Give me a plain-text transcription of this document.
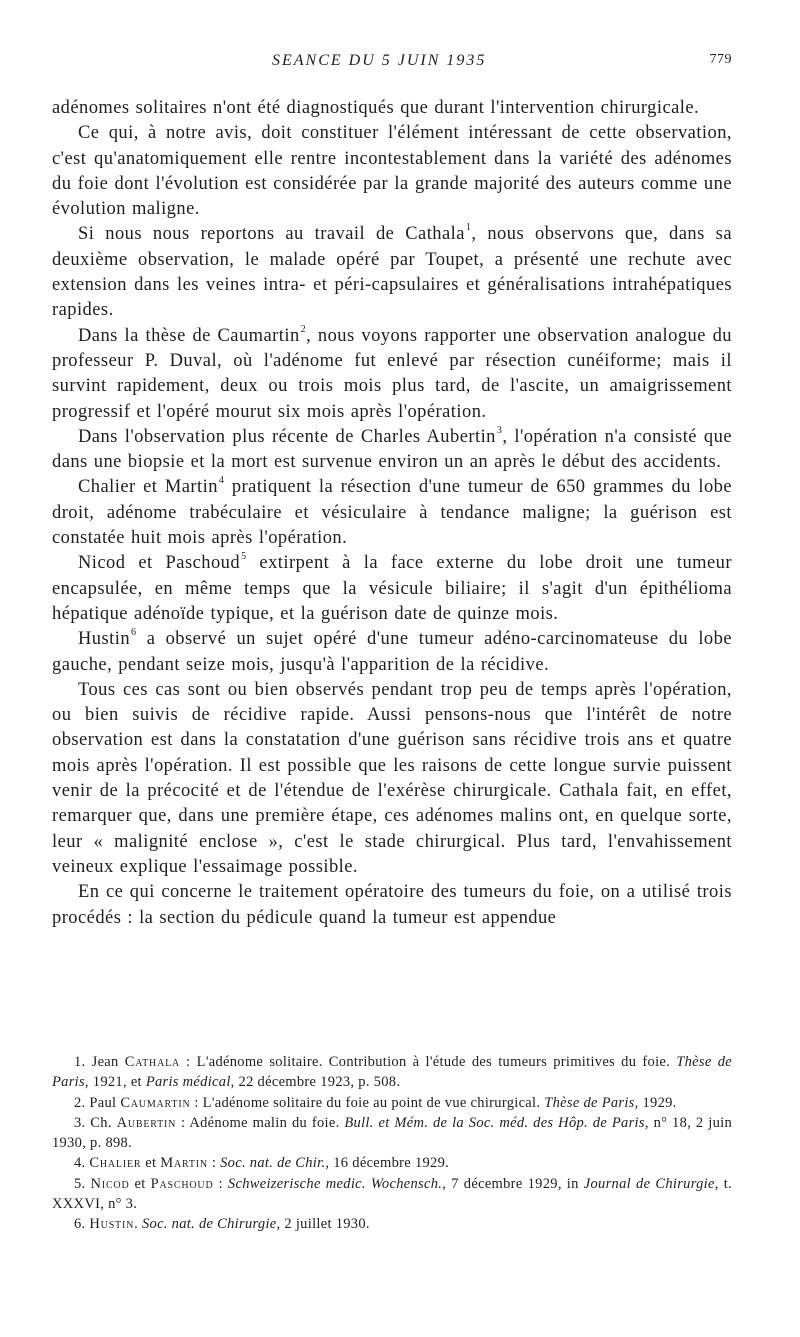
SEANCE DU 5 JUIN 1935	779

adénomes solitaires n'ont été diagnostiqués que durant l'intervention chirurgicale.

Ce qui, à notre avis, doit constituer l'élément intéressant de cette observation, c'est qu'anatomiquement elle rentre incontestablement dans la variété des adénomes du foie dont l'évolution est considérée par la grande majorité des auteurs comme une évolution maligne.

Si nous nous reportons au travail de Cathala$^1$, nous observons que, dans sa deuxième observation, le malade opéré par Toupet, a présenté une rechute avec extension dans les veines intra- et péri-capsulaires et généralisations intrahépatiques rapides.

Dans la thèse de Caumartin$^2$, nous voyons rapporter une observation analogue du professeur P. Duval, où l'adénome fut enlevé par résection cunéiforme; mais il survint rapidement, deux ou trois mois plus tard, de l'ascite, un amaigrissement progressif et l'opéré mourut six mois après l'opération.

Dans l'observation plus récente de Charles Aubertin$^3$, l'opération n'a consisté que dans une biopsie et la mort est survenue environ un an après le début des accidents.

Chalier et Martin$^4$ pratiquent la résection d'une tumeur de 650 grammes du lobe droit, adénome trabéculaire et vésiculaire à tendance maligne; la guérison est constatée huit mois après l'opération.

Nicod et Paschoud$^5$ extirpent à la face externe du lobe droit une tumeur encapsulée, en même temps que la vésicule biliaire; il s'agit d'un épithélioma hépatique adénoïde typique, et la guérison date de quinze mois.

Hustin$^6$ a observé un sujet opéré d'une tumeur adéno-carcinomateuse du lobe gauche, pendant seize mois, jusqu'à l'apparition de la récidive.

Tous ces cas sont ou bien observés pendant trop peu de temps après l'opération, ou bien suivis de récidive rapide. Aussi pensons-nous que l'intérêt de notre observation est dans la constatation d'une guérison sans récidive trois ans et quatre mois après l'opération. Il est possible que les raisons de cette longue survie puissent venir de la précocité et de l'étendue de l'exérèse chirurgicale. Cathala fait, en effet, remarquer que, dans une première étape, ces adénomes malins ont, en quelque sorte, leur « malignité enclose », c'est le stade chirurgical. Plus tard, l'envahissement veineux explique l'essaimage possible.

En ce qui concerne le traitement opératoire des tumeurs du foie, on a utilisé trois procédés : la section du pédicule quand la tumeur est appendue

1. Jean Cathala : L'adénome solitaire. Contribution à l'étude des tumeurs primitives du foie. Thèse de Paris, 1921, et Paris médical, 22 décembre 1923, p. 508.

2. Paul Caumartin : L'adénome solitaire du foie au point de vue chirurgical. Thèse de Paris, 1929.

3. Ch. Aubertin : Adénome malin du foie. Bull. et Mém. de la Soc. méd. des Hôp. de Paris, n° 18, 2 juin 1930, p. 898.

4. Chalier et Martin : Soc. nat. de Chir., 16 décembre 1929.

5. Nicod et Paschoud : Schweizerische medic. Wochensch., 7 décembre 1929, in Journal de Chirurgie, t. XXXVI, n° 3.

6. Hustin. Soc. nat. de Chirurgie, 2 juillet 1930.
